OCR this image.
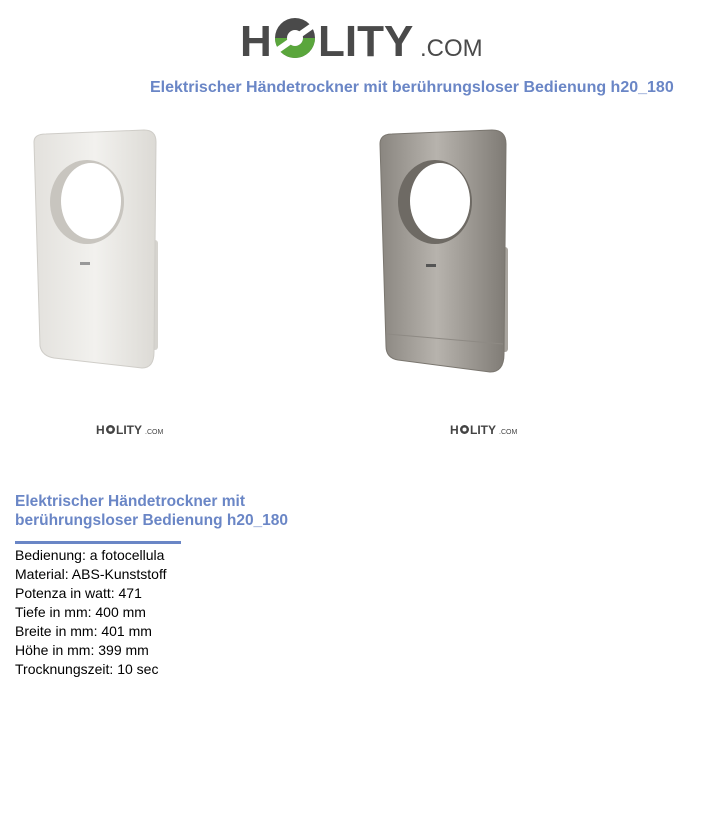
H LITY .COM
Elektrischer Händetrockner mit berührungsloser Bedienung h20_180
H LITY .COM	H LITY .COM
Elektrischer Händetrockner mit
berührungsloser Bedienung h20_180
Bedienung: a fotocellula
Material: ABS-Kunststoff
Potenza in watt: 471
Tiefe in mm: 400 mm
Breite in mm: 401 mm
Höhe in mm: 399 mm
Trocknungszeit: 10 sec
